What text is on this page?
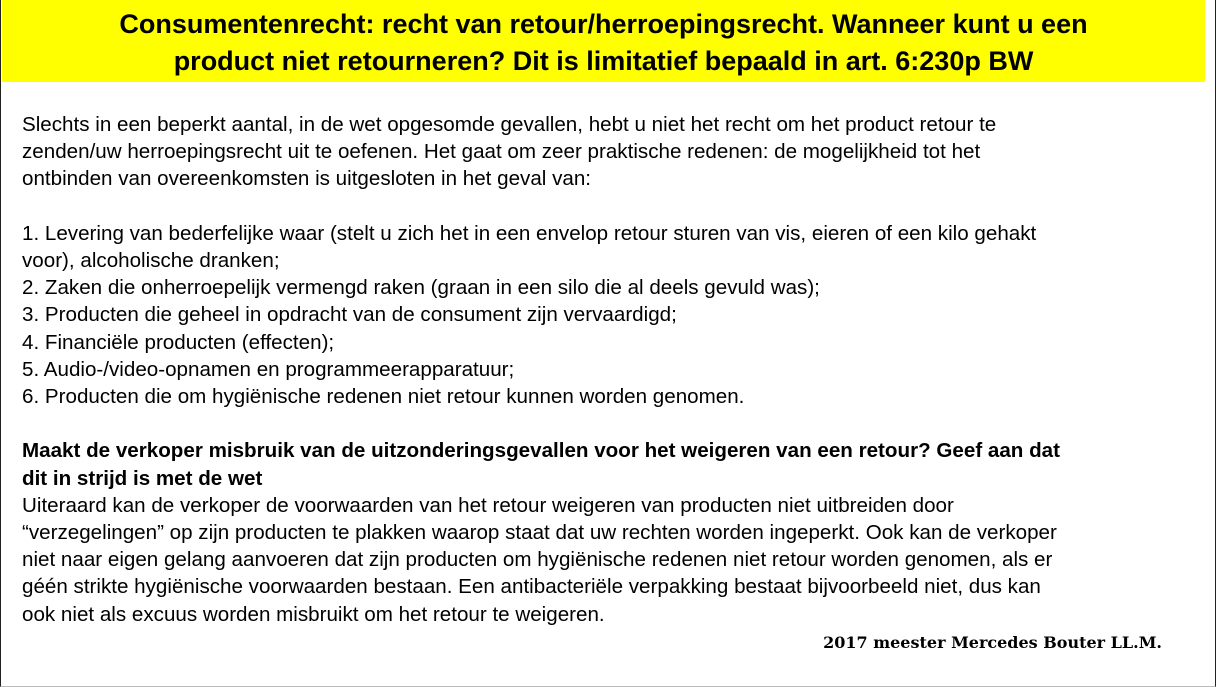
Consumentenrecht: recht van retour/herroepingsrecht. Wanneer kunt u een
product niet retourneren? Dit is limitatief bepaald in art. 6:230p BW

Slechts in een beperkt aantal, in de wet opgesomde gevallen, hebt u niet het recht om het product retour te
zenden/uw herroepingsrecht uit te oefenen. Het gaat om zeer praktische redenen: de mogelijkheid tot het
ontbinden van overeenkomsten is uitgesloten in het geval van:

1. Levering van bederfelijke waar (stelt u zich het in een envelop retour sturen van vis, eieren of een kilo gehakt
voor), alcoholische dranken;
2. Zaken die onherroepelijk vermengd raken (graan in een silo die al deels gevuld was);
3. Producten die geheel in opdracht van de consument zijn vervaardigd;
4. Financiële producten (effecten);
5. Audio-/video-opnamen en programmeerapparatuur;
6. Producten die om hygiënische redenen niet retour kunnen worden genomen.

Maakt de verkoper misbruik van de uitzonderingsgevallen voor het weigeren van een retour? Geef aan dat
dit in strijd is met de wet

Uiteraard kan de verkoper de voorwaarden van het retour weigeren van producten niet uitbreiden door
“verzegelingen” op zijn producten te plakken waarop staat dat uw rechten worden ingeperkt. Ook kan de verkoper
niet naar eigen gelang aanvoeren dat zijn producten om hygiënische redenen niet retour worden genomen, als er
géén strikte hygiënische voorwaarden bestaan. Een antibacteriële verpakking bestaat bijvoorbeeld niet, dus kan
ook niet als excuus worden misbruikt om het retour te weigeren.

2017 meester Mercedes Bouter LL.M.
